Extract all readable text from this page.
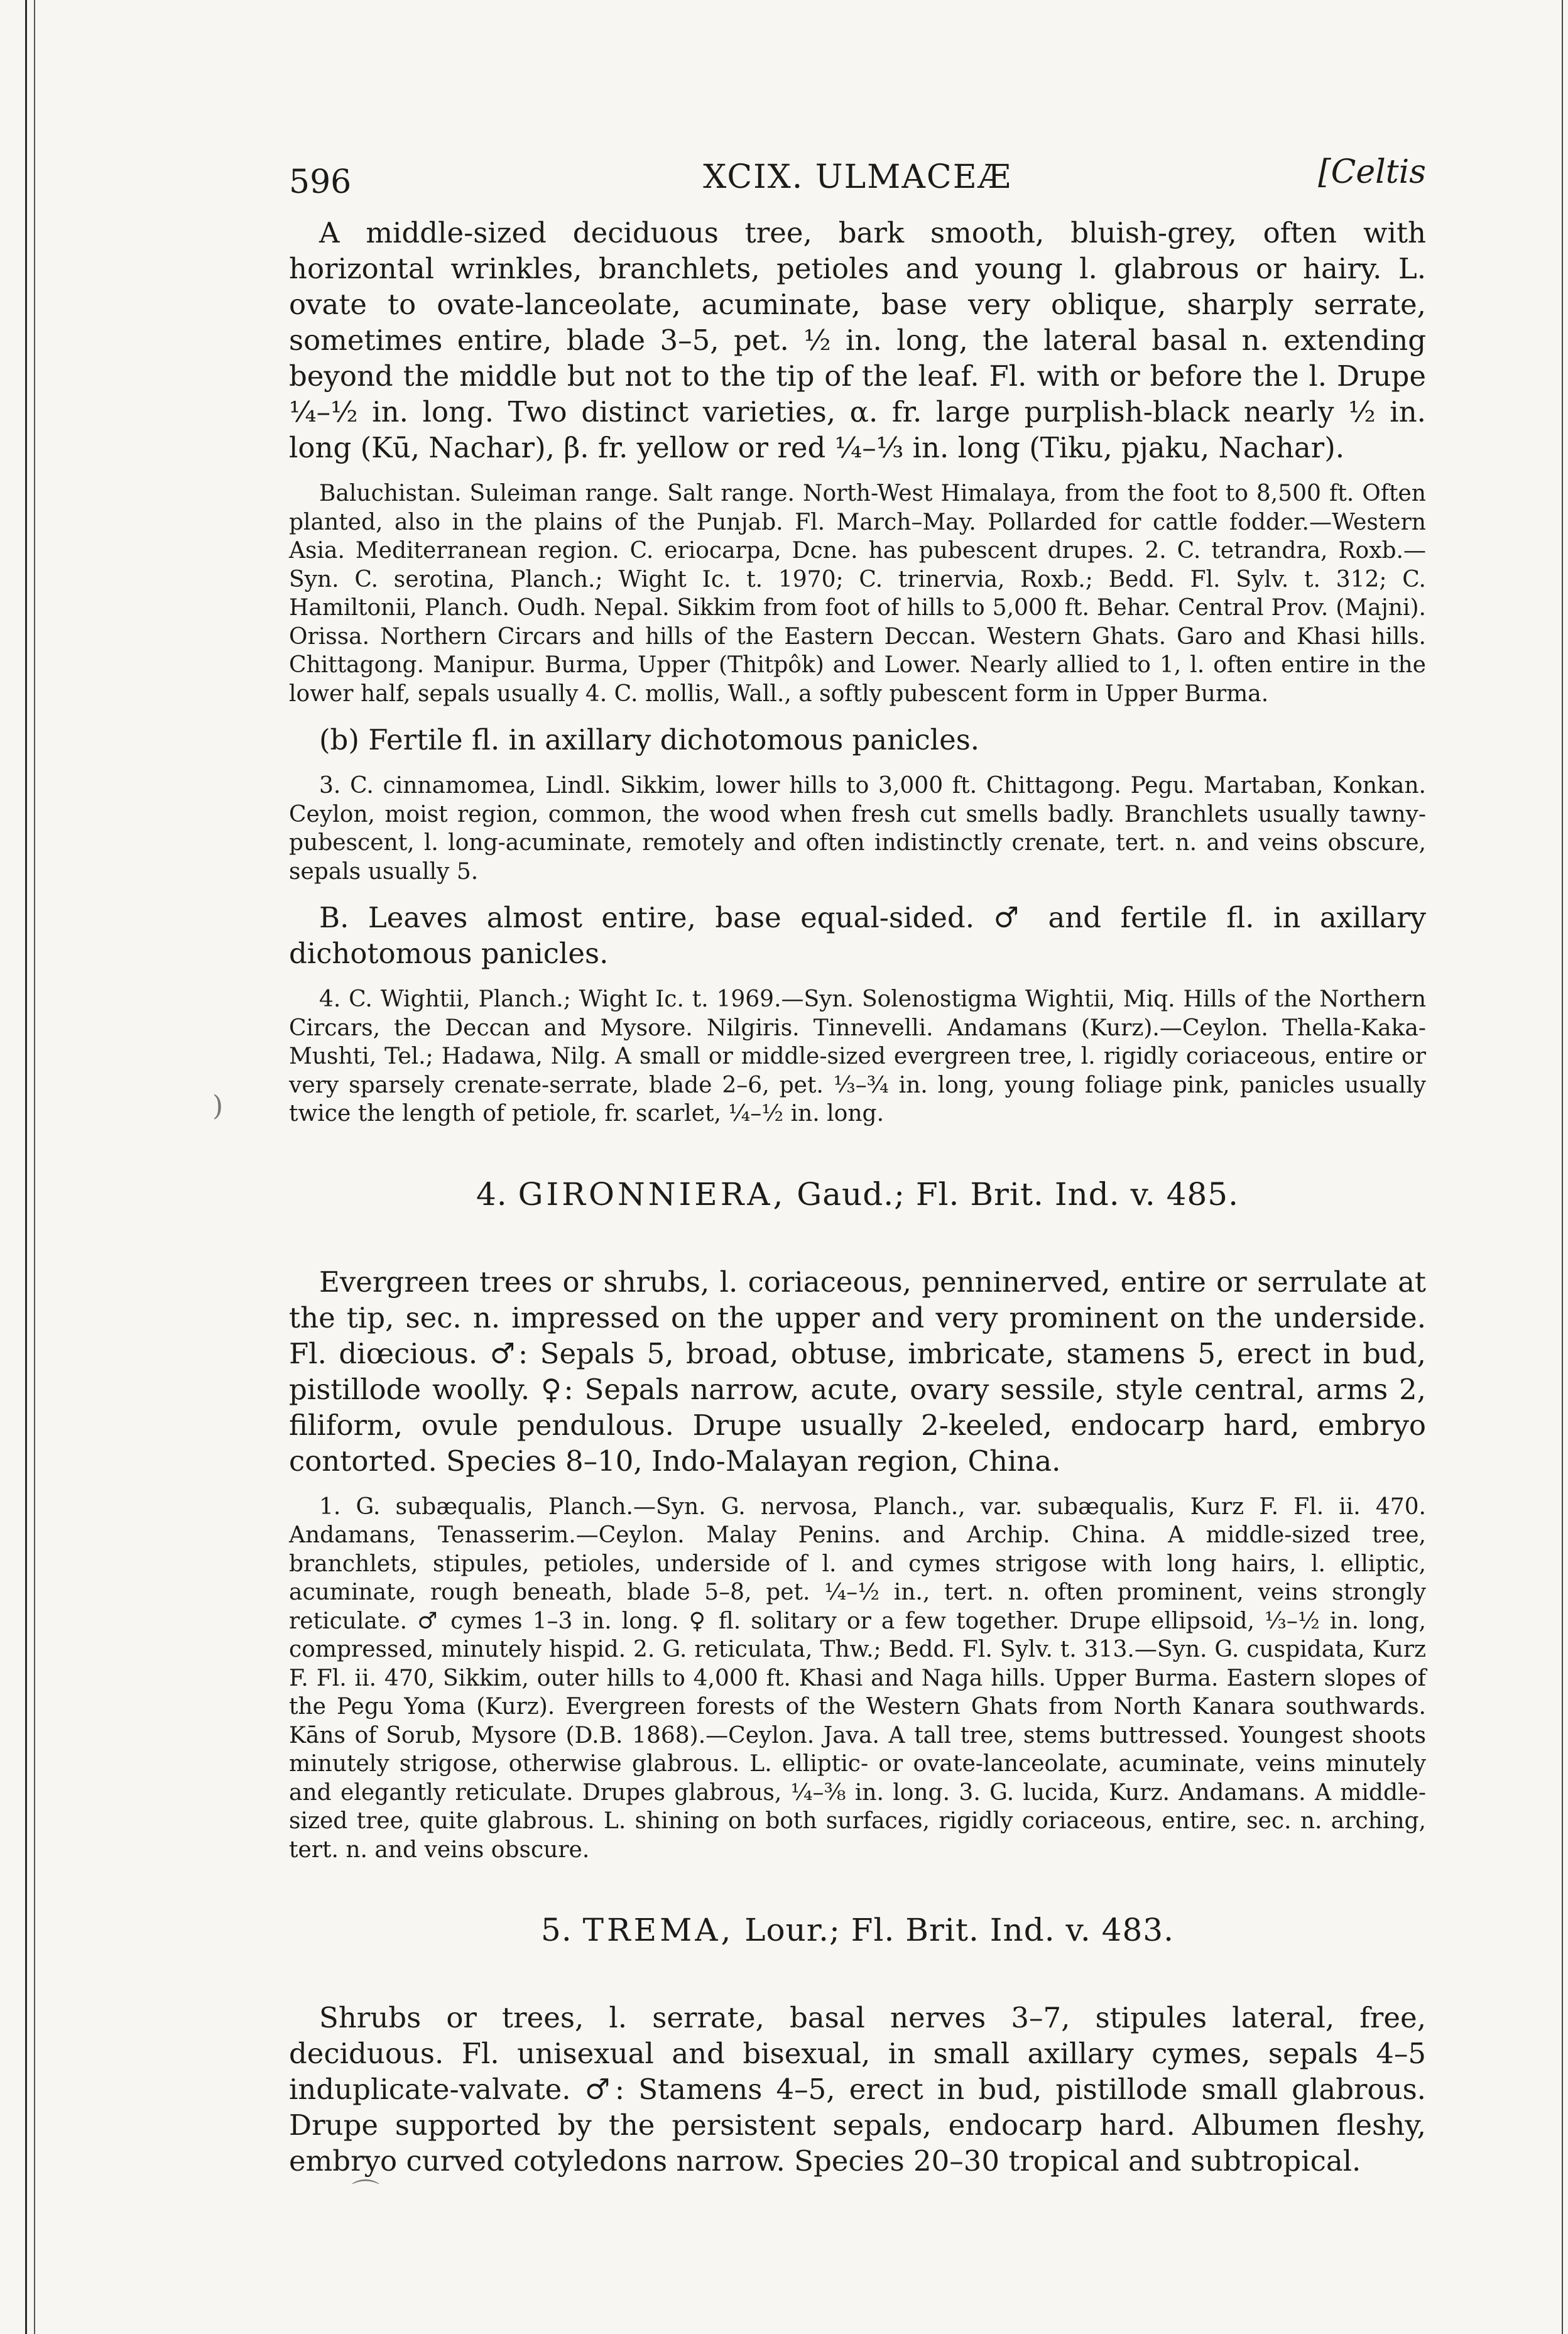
)
⌒
596	XCIX. ULMACEÆ	[Celtis

A middle-sized deciduous tree, bark smooth, bluish-grey, often with horizontal wrinkles, branchlets, petioles and young l. glabrous or hairy. L. ovate to ovate-lanceolate, acuminate, base very oblique, sharply serrate, sometimes entire, blade 3–5, pet. ½ in. long, the lateral basal n. extending beyond the middle but not to the tip of the leaf. Fl. with or before the l. Drupe ¼–½ in. long. Two distinct varieties, α. fr. large purplish-black nearly ½ in. long (Kū, Nachar), β. fr. yellow or red ¼–⅓ in. long (Tiku, pjaku, Nachar).

Baluchistan. Suleiman range. Salt range. North-West Himalaya, from the foot to 8,500 ft. Often planted, also in the plains of the Punjab. Fl. March–May. Pollarded for cattle fodder.—Western Asia. Mediterranean region. C. eriocarpa, Dcne. has pubescent drupes. 2. C. tetrandra, Roxb.—Syn. C. serotina, Planch.; Wight Ic. t. 1970; C. trinervia, Roxb.; Bedd. Fl. Sylv. t. 312; C. Hamiltonii, Planch. Oudh. Nepal. Sikkim from foot of hills to 5,000 ft. Behar. Central Prov. (Majni). Orissa. Northern Circars and hills of the Eastern Deccan. Western Ghats. Garo and Khasi hills. Chittagong. Manipur. Burma, Upper (Thitpôk) and Lower. Nearly allied to 1, l. often entire in the lower half, sepals usually 4. C. mollis, Wall., a softly pubescent form in Upper Burma.

(b) Fertile fl. in axillary dichotomous panicles.

3. C. cinnamomea, Lindl. Sikkim, lower hills to 3,000 ft. Chittagong. Pegu. Martaban, Konkan. Ceylon, moist region, common, the wood when fresh cut smells badly. Branchlets usually tawny-pubescent, l. long-acuminate, remotely and often indistinctly crenate, tert. n. and veins obscure, sepals usually 5.

B. Leaves almost entire, base equal-sided. ♂ and fertile fl. in axillary dichotomous panicles.

4. C. Wightii, Planch.; Wight Ic. t. 1969.—Syn. Solenostigma Wightii, Miq. Hills of the Northern Circars, the Deccan and Mysore. Nilgiris. Tinnevelli. Andamans (Kurz).—Ceylon. Thella-Kaka-Mushti, Tel.; Hadawa, Nilg. A small or middle-sized evergreen tree, l. rigidly coriaceous, entire or very sparsely crenate-serrate, blade 2–6, pet. ⅓–¾ in. long, young foliage pink, panicles usually twice the length of petiole, fr. scarlet, ¼–½ in. long.

4. GIRONNIERA, Gaud.; Fl. Brit. Ind. v. 485.

Evergreen trees or shrubs, l. coriaceous, penninerved, entire or serrulate at the tip, sec. n. impressed on the upper and very prominent on the underside. Fl. diœcious. ♂: Sepals 5, broad, obtuse, imbricate, stamens 5, erect in bud, pistillode woolly. ♀: Sepals narrow, acute, ovary sessile, style central, arms 2, filiform, ovule pendulous. Drupe usually 2-keeled, endocarp hard, embryo contorted. Species 8–10, Indo-Malayan region, China.

1. G. subæqualis, Planch.—Syn. G. nervosa, Planch., var. subæqualis, Kurz F. Fl. ii. 470. Andamans, Tenasserim.—Ceylon. Malay Penins. and Archip. China. A middle-sized tree, branchlets, stipules, petioles, underside of l. and cymes strigose with long hairs, l. elliptic, acuminate, rough beneath, blade 5–8, pet. ¼–½ in., tert. n. often prominent, veins strongly reticulate. ♂ cymes 1–3 in. long. ♀ fl. solitary or a few together. Drupe ellipsoid, ⅓–½ in. long, compressed, minutely hispid. 2. G. reticulata, Thw.; Bedd. Fl. Sylv. t. 313.—Syn. G. cuspidata, Kurz F. Fl. ii. 470, Sikkim, outer hills to 4,000 ft. Khasi and Naga hills. Upper Burma. Eastern slopes of the Pegu Yoma (Kurz). Evergreen forests of the Western Ghats from North Kanara southwards. Kāns of Sorub, Mysore (D.B. 1868).—Ceylon. Java. A tall tree, stems buttressed. Youngest shoots minutely strigose, otherwise glabrous. L. elliptic- or ovate-lanceolate, acuminate, veins minutely and elegantly reticulate. Drupes glabrous, ¼–⅜ in. long. 3. G. lucida, Kurz. Andamans. A middle-sized tree, quite glabrous. L. shining on both surfaces, rigidly coriaceous, entire, sec. n. arching, tert. n. and veins obscure.

5. TREMA, Lour.; Fl. Brit. Ind. v. 483.

Shrubs or trees, l. serrate, basal nerves 3–7, stipules lateral, free, deciduous. Fl. unisexual and bisexual, in small axillary cymes, sepals 4–5 induplicate-valvate. ♂: Stamens 4–5, erect in bud, pistillode small glabrous. Drupe supported by the persistent sepals, endocarp hard. Albumen fleshy, embryo curved cotyledons narrow. Species 20–30 tropical and subtropical.
